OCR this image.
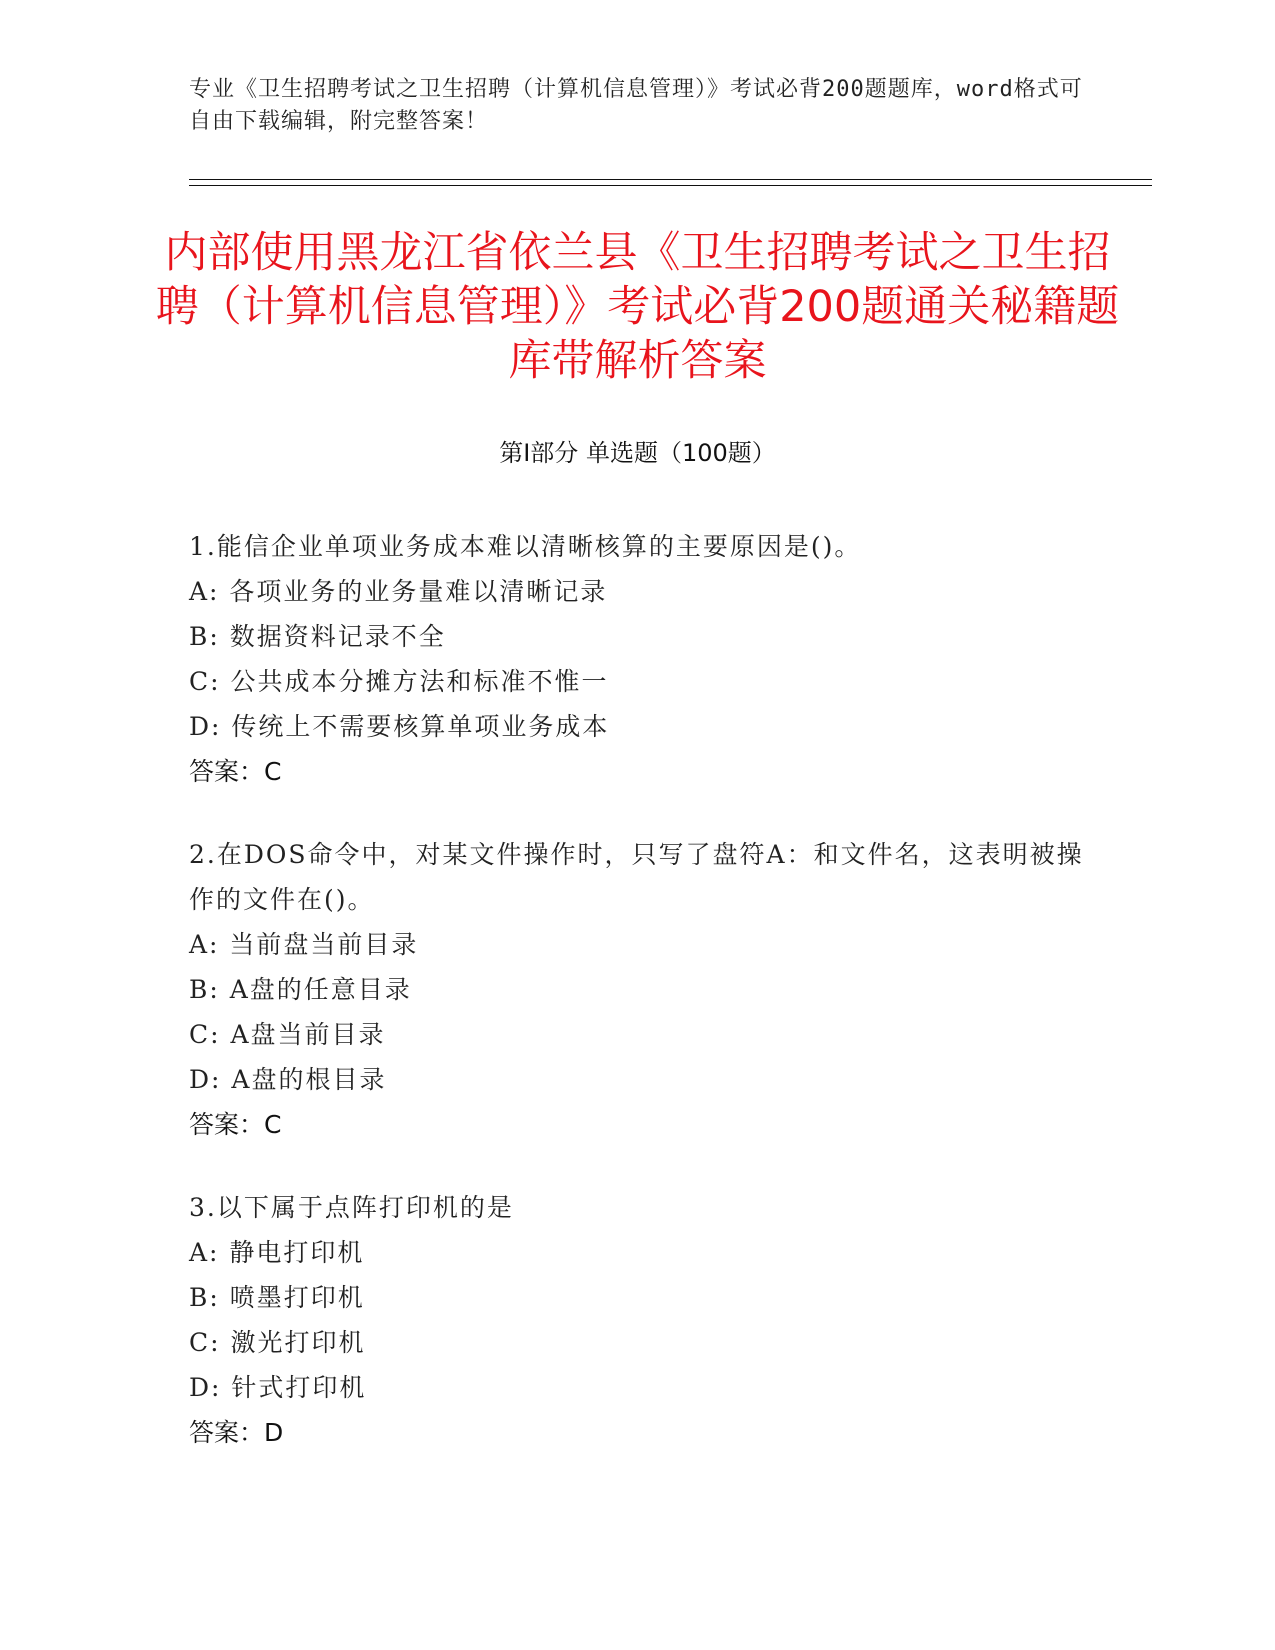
专业《卫生招聘考试之卫生招聘（计算机信息管理）》考试必背200题题库，word格式可自由下载编辑，附完整答案！
内部使用黑龙江省依兰县《卫生招聘考试之卫生招聘（计算机信息管理）》考试必背200题通关秘籍题库带解析答案
第Ⅰ部分 单选题（100题）
1.能信企业单项业务成本难以清晰核算的主要原因是()。
A: 各项业务的业务量难以清晰记录
B: 数据资料记录不全
C: 公共成本分摊方法和标准不惟一
D: 传统上不需要核算单项业务成本
答案：C
2.在DOS命令中，对某文件操作时，只写了盘符A：和文件名，这表明被操作的文件在()。
A: 当前盘当前目录
B: A盘的任意目录
C: A盘当前目录
D: A盘的根目录
答案：C
3.以下属于点阵打印机的是
A: 静电打印机
B: 喷墨打印机
C: 激光打印机
D: 针式打印机
答案：D
